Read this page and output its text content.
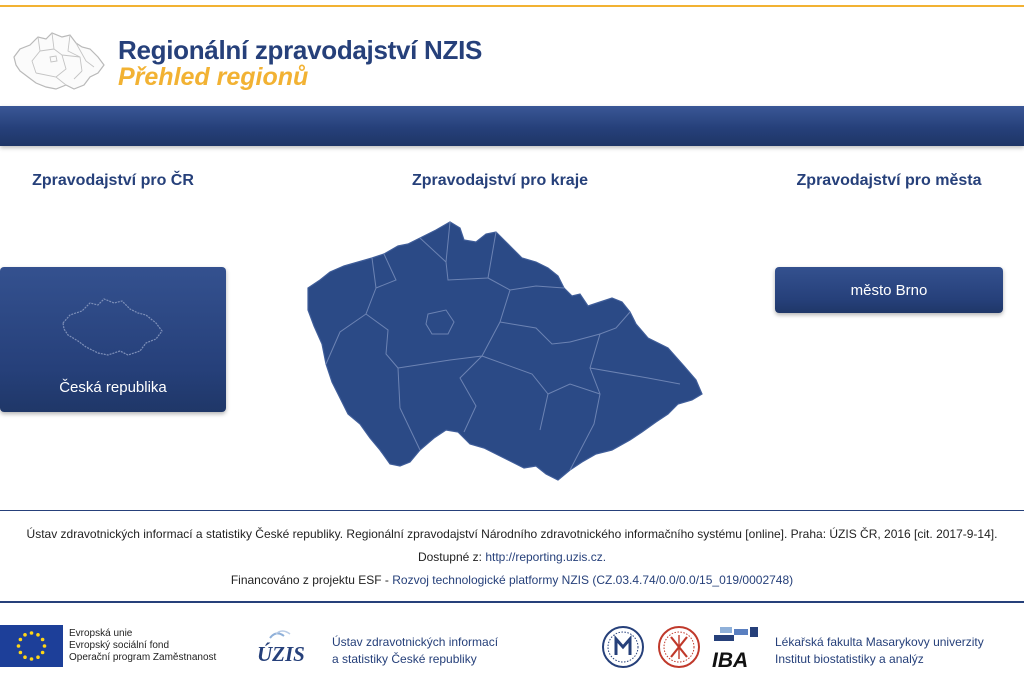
Regionální zpravodajství NZIS
Přehled regionů
Zpravodajství pro ČR	Zpravodajství pro kraje	Zpravodajství pro města
Česká republika
město Brno
Ústav zdravotnických informací a statistiky České republiky. Regionální zpravodajství Národního zdravotnického informačního systému [online]. Praha: ÚZIS ČR, 2016 [cit. 2017-9-14].
Dostupné z: http://reporting.uzis.cz.
Financováno z projektu ESF - Rozvoj technologické platformy NZIS (CZ.03.4.74/0.0/0.0/15_019/0002748)
Evropská unie
Evropský sociální fond
Operační program Zaměstnanost ÚZIS Ústav zdravotnických informací
a statistiky České republiky	IBA
Lékařská fakulta Masarykovy univerzity
Institut biostatistiky a analýz
